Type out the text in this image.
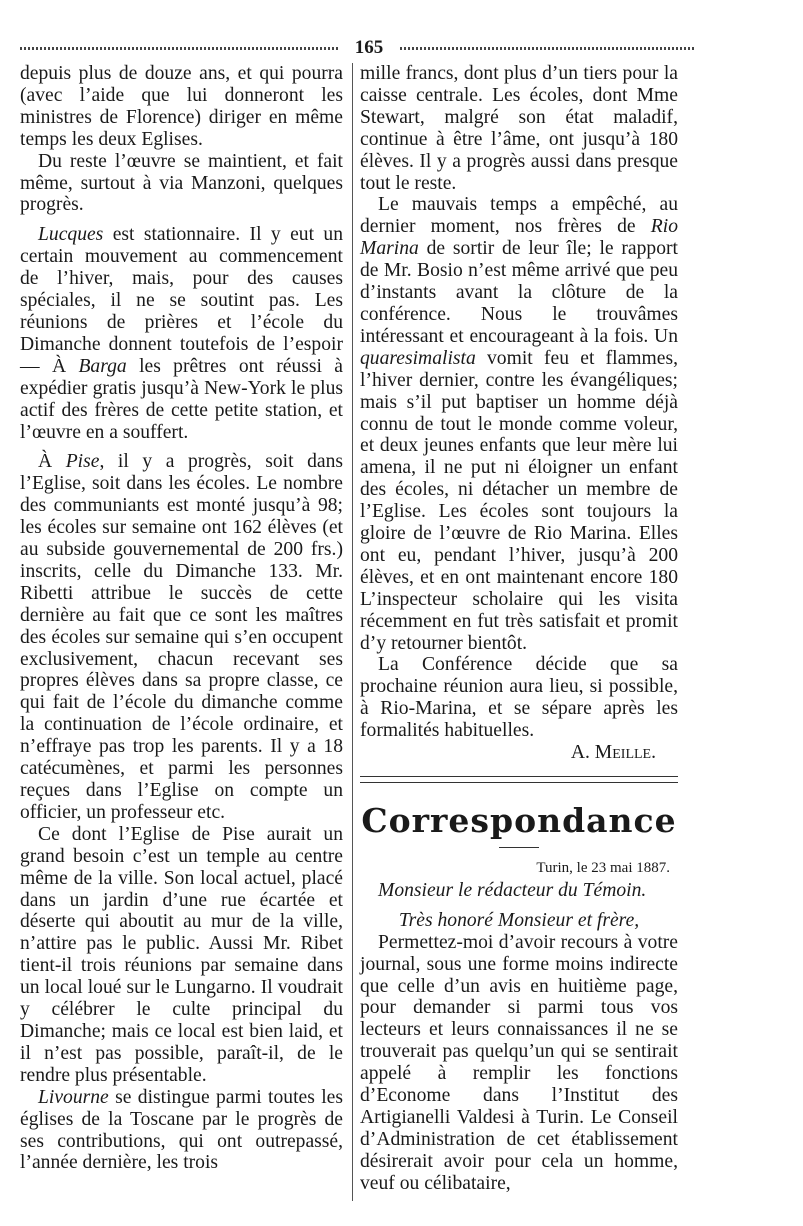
165

depuis plus de douze ans, et qui pourra (avec l’aide que lui donneront les ministres de Florence) diriger en même temps les deux Eglises.

Du reste l’œuvre se maintient, et fait même, surtout à via Manzoni, quelques progrès.

Lucques est stationnaire. Il y eut un certain mouvement au commencement de l’hiver, mais, pour des causes spéciales, il ne se soutint pas. Les réunions de prières et l’école du Dimanche donnent toutefois de l’espoir — À Barga les prêtres ont réussi à expédier gratis jusqu’à New-York le plus actif des frères de cette petite station, et l’œuvre en a souffert.

À Pise, il y a progrès, soit dans l’Eglise, soit dans les écoles. Le nombre des communiants est monté jusqu’à 98; les écoles sur semaine ont 162 élèves (et au subside gouvernemental de 200 frs.) inscrits, celle du Dimanche 133. Mr. Ribetti attribue le succès de cette dernière au fait que ce sont les maîtres des écoles sur semaine qui s’en occupent exclusivement, chacun recevant ses propres élèves dans sa propre classe, ce qui fait de l’école du dimanche comme la continuation de l’école ordinaire, et n’effraye pas trop les parents. Il y a 18 catécumènes, et parmi les personnes reçues dans l’Eglise on compte un officier, un professeur etc.

Ce dont l’Eglise de Pise aurait un grand besoin c’est un temple au centre même de la ville. Son local actuel, placé dans un jardin d’une rue écartée et déserte qui aboutit au mur de la ville, n’attire pas le public. Aussi Mr. Ribet tient-il trois réunions par semaine dans un local loué sur le Lungarno. Il voudrait y célébrer le culte principal du Dimanche; mais ce local est bien laid, et il n’est pas possible, paraît-il, de le rendre plus présentable.

Livourne se distingue parmi toutes les églises de la Toscane par le progrès de ses contributions, qui ont outrepassé, l’année dernière, les trois

mille francs, dont plus d’un tiers pour la caisse centrale. Les écoles, dont Mme Stewart, malgré son état maladif, continue à être l’âme, ont jusqu’à 180 élèves. Il y a progrès aussi dans presque tout le reste.

Le mauvais temps a empêché, au dernier moment, nos frères de Rio Marina de sortir de leur île; le rapport de Mr. Bosio n’est même arrivé que peu d’instants avant la clôture de la conférence. Nous le trouvâmes intéressant et encourageant à la fois. Un quaresimalista vomit feu et flammes, l’hiver dernier, contre les évangéliques; mais s’il put baptiser un homme déjà connu de tout le monde comme voleur, et deux jeunes enfants que leur mère lui amena, il ne put ni éloigner un enfant des écoles, ni détacher un membre de l’Eglise. Les écoles sont toujours la gloire de l’œuvre de Rio Marina. Elles ont eu, pendant l’hiver, jusqu’à 200 élèves, et en ont maintenant encore 180 L’inspecteur scholaire qui les visita récemment en fut très satisfait et promit d’y retourner bientôt.

La Conférence décide que sa prochaine réunion aura lieu, si possible, à Rio-Marina, et se sépare après les formalités habituelles.

A. Meille.

Correspondance

Turin, le 23 mai 1887.

Monsieur le rédacteur du Témoin.

Très honoré Monsieur et frère,

Permettez-moi d’avoir recours à votre journal, sous une forme moins indirecte que celle d’un avis en huitième page, pour demander si parmi tous vos lecteurs et leurs connaissances il ne se trouverait pas quelqu’un qui se sentirait appelé à remplir les fonctions d’Econome dans l’Institut des Artigianelli Valdesi à Turin. Le Conseil d’Administration de cet établissement désirerait avoir pour cela un homme, veuf ou célibataire,
